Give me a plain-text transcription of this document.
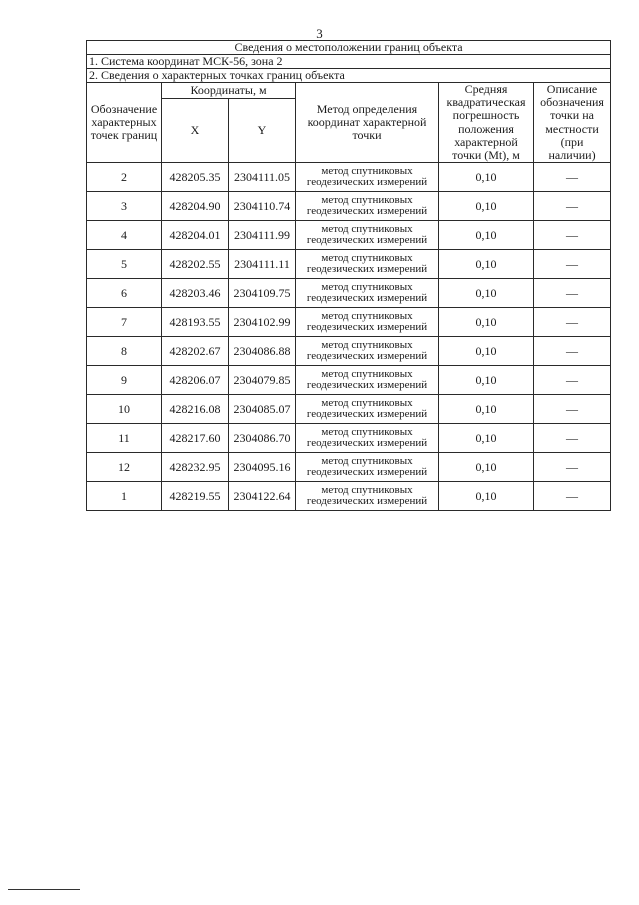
3
Сведения о местоположении границ объекта					
1. Система координат МСК-56, зона 2					
2. Сведения о характерных точках границ объекта					
Обозначение характерных точек границ	Координаты, м		Метод определения координат характерной точки	Средняя квадратическая погрешность положения характерной точки (Mt), м	Описание обозначения точки на местности (при наличии)
	X	Y			
2	428205.35	2304111.05	метод спутниковых геодезических измерений	0,10	—
3	428204.90	2304110.74	метод спутниковых геодезических измерений	0,10	—
4	428204.01	2304111.99	метод спутниковых геодезических измерений	0,10	—
5	428202.55	2304111.11	метод спутниковых геодезических измерений	0,10	—
6	428203.46	2304109.75	метод спутниковых геодезических измерений	0,10	—
7	428193.55	2304102.99	метод спутниковых геодезических измерений	0,10	—
8	428202.67	2304086.88	метод спутниковых геодезических измерений	0,10	—
9	428206.07	2304079.85	метод спутниковых геодезических измерений	0,10	—
10	428216.08	2304085.07	метод спутниковых геодезических измерений	0,10	—
11	428217.60	2304086.70	метод спутниковых геодезических измерений	0,10	—
12	428232.95	2304095.16	метод спутниковых геодезических измерений	0,10	—
1	428219.55	2304122.64	метод спутниковых геодезических измерений	0,10	—
